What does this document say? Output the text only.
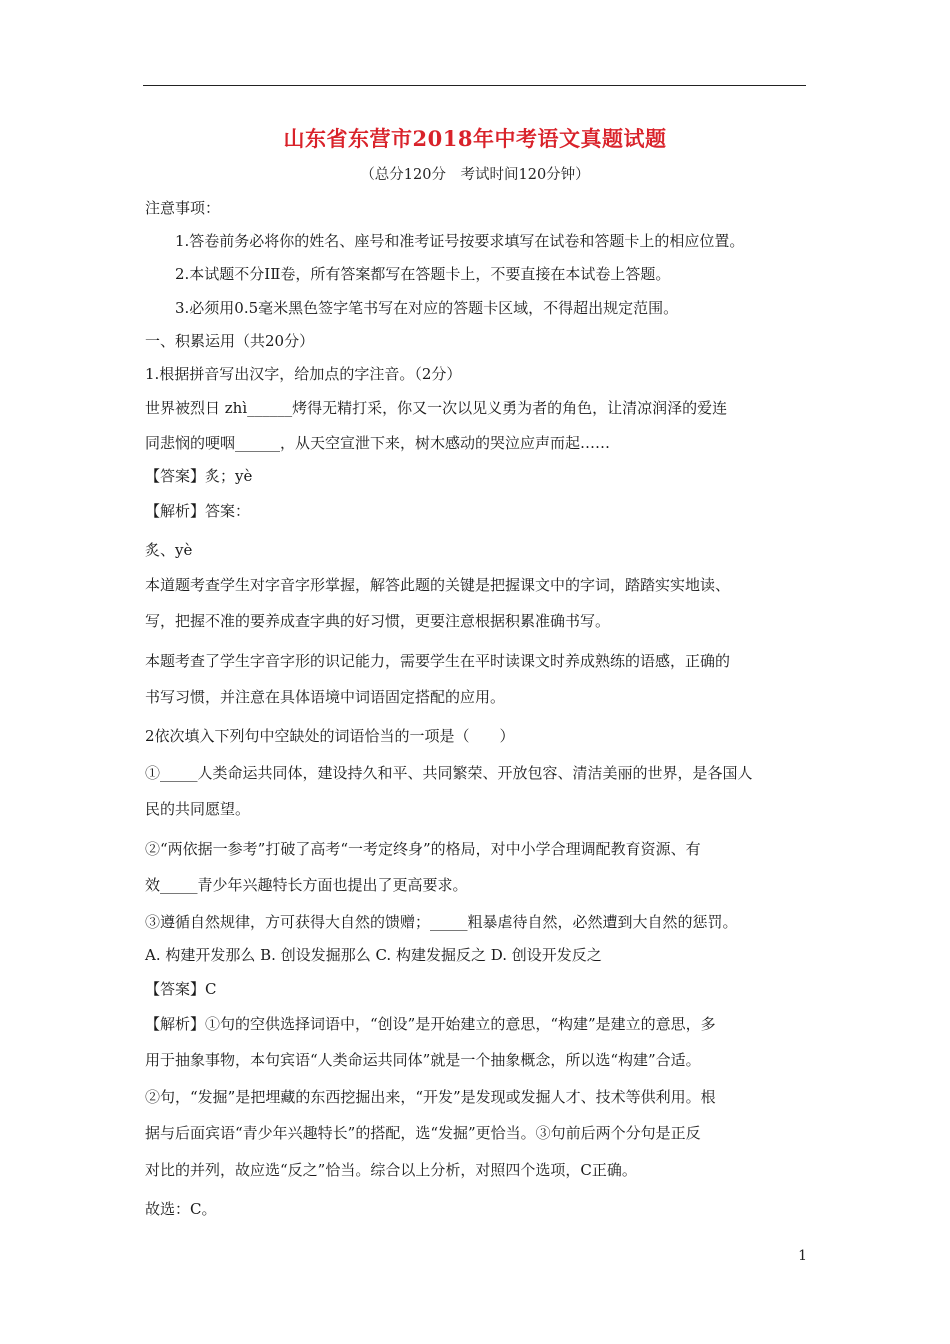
山东省东营市2018年中考语文真题试题
（总分120分　考试时间120分钟）
注意事项：
1.答卷前务必将你的姓名、座号和准考证号按要求填写在试卷和答题卡上的相应位置。
2.本试题不分ⅠⅡ卷，所有答案都写在答题卡上，不要直接在本试卷上答题。
3.必须用0.5毫米黑色签字笔书写在对应的答题卡区域，不得超出规定范围。
一、积累运用（共20分）
1.根据拼音写出汉字，给加点的字注音。（2分）
世界被烈日 zhì______烤得无精打采，你又一次以见义勇为者的角色，让清凉润泽的爱连
同悲悯的哽咽______，从天空宣泄下来，树木感动的哭泣应声而起……
【答案】炙；yè
【解析】答案：
炙、yè
本道题考查学生对字音字形掌握，解答此题的关键是把握课文中的字词，踏踏实实地读、
写，把握不准的要养成查字典的好习惯，更要注意根据积累准确书写。
本题考查了学生字音字形的识记能力，需要学生在平时读课文时养成熟练的语感，正确的
书写习惯，并注意在具体语境中词语固定搭配的应用。
2依次填入下列句中空缺处的词语恰当的一项是（　　）
①_____人类命运共同体，建设持久和平、共同繁荣、开放包容、清洁美丽的世界，是各国人
民的共同愿望。
②“两依据一参考”打破了高考“一考定终身”的格局，对中小学合理调配教育资源、有
效_____青少年兴趣特长方面也提出了更高要求。
③遵循自然规律，方可获得大自然的馈赠；_____粗暴虐待自然，必然遭到大自然的惩罚。
A. 构建开发那么 B. 创设发掘那么 C. 构建发掘反之 D. 创设开发反之
【答案】C
【解析】①句的空供选择词语中，“创设”是开始建立的意思，“构建”是建立的意思，多
用于抽象事物，本句宾语“人类命运共同体”就是一个抽象概念，所以选“构建”合适。
②句，“发掘”是把埋藏的东西挖掘出来，“开发”是发现或发掘人才、技术等供利用。根
据与后面宾语“青少年兴趣特长”的搭配，选“发掘”更恰当。③句前后两个分句是正反
对比的并列，故应选“反之”恰当。综合以上分析，对照四个选项，C正确。
故选：C。
1
